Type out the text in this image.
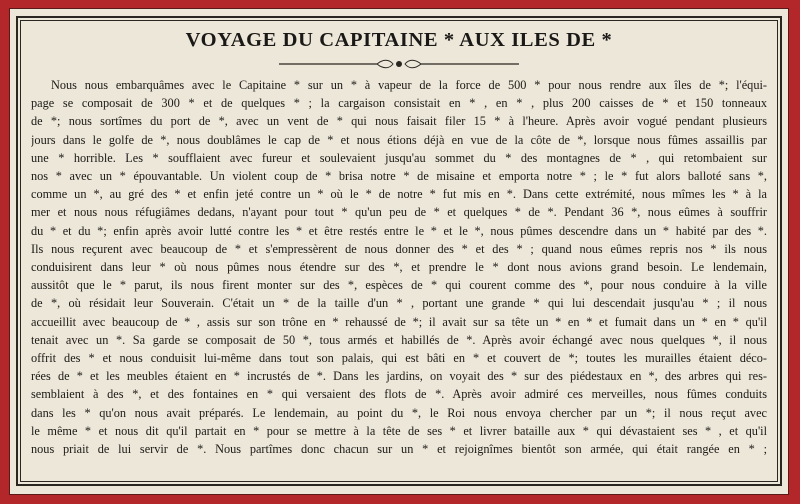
VOYAGE DU CAPITAINE * AUX ILES DE *
Nous nous embarquâmes avec le Capitaine * sur un * à vapeur de la force de 500 * pour nous rendre aux îles de *; l'équi-
page se composait de 300 * et de quelques * ; la cargaison consistait en * , en * , plus 200 caisses de * et 150 tonneaux
de *; nous sortîmes du port de *, avec un vent de * qui nous faisait filer 15 * à l'heure. Après avoir vogué pendant plusieurs
jours dans le golfe de *, nous doublâmes le cap de * et nous étions déjà en vue de la côte de *, lorsque nous fûmes assaillis par
une * horrible. Les * soufflaient avec fureur et soulevaient jusqu'au sommet du * des montagnes de * , qui retombaient sur
nos * avec un * épouvantable. Un violent coup de * brisa notre * de misaine et emporta notre * ; le * fut alors balloté sans *,
comme un *, au gré des * et enfin jeté contre un * où le * de notre * fut mis en *. Dans cette extrémité, nous mîmes les * à la
mer et nous nous réfugiâmes dedans, n'ayant pour tout * qu'un peu de * et quelques * de *. Pendant 36 *, nous eûmes à souffrir
du * et du *; enfin après avoir lutté contre les * et être restés entre le * et le *, nous pûmes descendre dans un * habité par des *.
Ils nous reçurent avec beaucoup de * et s'empressèrent de nous donner des * et des * ; quand nous eûmes repris nos * ils nous
conduisirent dans leur * où nous pûmes nous étendre sur des *, et prendre le * dont nous avions grand besoin. Le lendemain,
aussitôt que le * parut, ils nous firent monter sur des *, espèces de * qui courent comme des *, pour nous conduire à la ville
de *, où résidait leur Souverain. C'était un * de la taille d'un * , portant une grande * qui lui descendait jusqu'au * ; il nous
accueillit avec beaucoup de * , assis sur son trône en * rehaussé de *; il avait sur sa tête un * en * et fumait dans un * en * qu'il
tenait avec un *. Sa garde se composait de 50 *, tous armés et habillés de *. Après avoir échangé avec nous quelques *, il nous
offrit des * et nous conduisit lui-même dans tout son palais, qui est bâti en * et couvert de *; toutes les murailles étaient déco-
rées de * et les meubles étaient en * incrustés de *. Dans les jardins, on voyait des * sur des piédestaux en *, des arbres qui res-
semblaient à des *, et des fontaines en * qui versaient des flots de *. Après avoir admiré ces merveilles, nous fûmes conduits
dans les * qu'on nous avait préparés. Le lendemain, au point du *, le Roi nous envoya chercher par un *; il nous reçut avec
le même * et nous dit qu'il partait en * pour se mettre à la tête de ses * et livrer bataille aux * qui dévastaient ses * , et qu'il
nous priait de lui servir de *. Nous partîmes donc chacun sur un * et rejoignîmes bientôt son armée, qui était rangée en * ;
